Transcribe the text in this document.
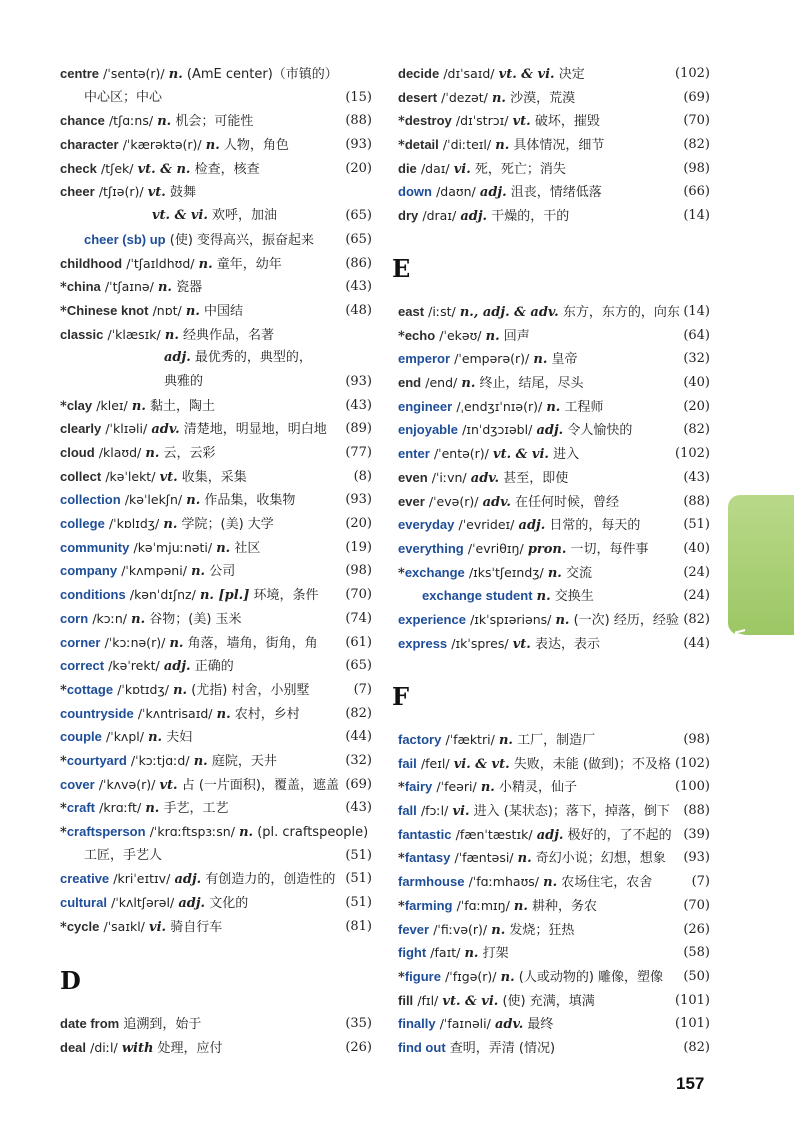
centre /ˈsentə(r)/ n. (AmE center)（市镇的）
中心区；中心	(15)
chance /tʃɑːns/ n. 机会；可能性	(88)
character /ˈkærəktə(r)/ n. 人物，角色	(93)
check /tʃek/ vt. & n. 检查，核查	(20)
cheer /tʃɪə(r)/ vt. 鼓舞
vt. & vi. 欢呼，加油	(65)
cheer (sb) up (使) 变得高兴，振奋起来 (65)
childhood /ˈtʃaɪldhʊd/ n. 童年，幼年	(86)
*china /ˈtʃaɪnə/ n. 瓷器	(43)
*Chinese knot /nɒt/ n. 中国结	(48)
classic /ˈklæsɪk/ n. 经典作品，名著
adj. 最优秀的，典型的，
典雅的	(93)
*clay /kleɪ/ n. 黏土，陶土	(43)
clearly /ˈklɪəli/ adv. 清楚地，明显地，明白地 (89)
cloud /klaʊd/ n. 云，云彩	(77)
collect /kəˈlekt/ vt. 收集，采集	(8)
collection /kəˈlekʃn/ n. 作品集，收集物	(93)
college /ˈkɒlɪdʒ/ n. 学院；(美) 大学	(20)
community /kəˈmjuːnəti/ n. 社区	(19)
company /ˈkʌmpəni/ n. 公司	(98)
conditions /kənˈdɪʃnz/ n. [pl.] 环境，条件 (70)
corn /kɔːn/ n. 谷物；(美) 玉米	(74)
corner /ˈkɔːnə(r)/ n. 角落，墙角，街角，角 (61)
correct /kəˈrekt/ adj. 正确的	(65)
*cottage /ˈkɒtɪdʒ/ n. (尤指) 村舍，小别墅	(7)
countryside /ˈkʌntrisaɪd/ n. 农村，乡村	(82)
couple /ˈkʌpl/ n. 夫妇	(44)
*courtyard /ˈkɔːtjɑːd/ n. 庭院，天井	(32)
cover /ˈkʌvə(r)/ vt. 占 (一片面积)，覆盖，遮盖 (69)
*craft /krɑːft/ n. 手艺，工艺	(43)
*craftsperson /ˈkrɑːftspɜːsn/ n. (pl. craftspeople)
工匠，手艺人	(51)
creative /kriˈeɪtɪv/ adj. 有创造力的，创造性的 (51)
cultural /ˈkʌltʃərəl/ adj. 文化的	(51)
*cycle /ˈsaɪkl/ vi. 骑自行车	(81)
D
date from 追溯到，始于	(35)
deal /diːl/ with 处理，应付	(26)
decide /dɪˈsaɪd/ vt. & vi. 决定	(102)
desert /ˈdezət/ n. 沙漠，荒漠	(69)
*destroy /dɪˈstrɔɪ/ vt. 破坏，摧毁	(70)
*detail /ˈdiːteɪl/ n. 具体情况，细节	(82)
die /daɪ/ vi. 死，死亡；消失	(98)
down /daʊn/ adj. 沮丧，情绪低落	(66)
dry /draɪ/ adj. 干燥的，干的	(14)
E
east /iːst/ n., adj. & adv. 东方，东方的，向东 (14)
*echo /ˈekəʊ/ n. 回声	(64)
emperor /ˈempərə(r)/ n. 皇帝	(32)
end /end/ n. 终止，结尾，尽头	(40)
engineer /ˌendʒɪˈnɪə(r)/ n. 工程师	(20)
enjoyable /ɪnˈdʒɔɪəbl/ adj. 令人愉快的	(82)
enter /ˈentə(r)/ vt. & vi. 进入	(102)
even /ˈiːvn/ adv. 甚至，即使	(43)
ever /ˈevə(r)/ adv. 在任何时候，曾经	(88)
everyday /ˈevrideɪ/ adj. 日常的，每天的	(51)
everything /ˈevriθɪŋ/ pron. 一切，每件事	(40)
*exchange /ɪksˈtʃeɪndʒ/ n. 交流	(24)
exchange student n. 交换生	(24)
experience /ɪkˈspɪəriəns/ n. (一次) 经历，经验 (82)
express /ɪkˈspres/ vt. 表达，表示	(44)
F
factory /ˈfæktri/ n. 工厂，制造厂	(98)
fail /feɪl/ vi. & vt. 失败，未能 (做到)；不及格 (102)
*fairy /ˈfeəri/ n. 小精灵，仙子	(100)
fall /fɔːl/ vi. 进入 (某状态)；落下，掉落，倒下 (88)
fantastic /fænˈtæstɪk/ adj. 极好的，了不起的 (39)
*fantasy /ˈfæntəsi/ n. 奇幻小说；幻想，想象 (93)
farmhouse /ˈfɑːmhaʊs/ n. 农场住宅，农舍	(7)
*farming /ˈfɑːmɪŋ/ n. 耕种，务农	(70)
fever /ˈfiːvə(r)/ n. 发烧；狂热	(26)
fight /faɪt/ n. 打架	(58)
*figure /ˈfɪgə(r)/ n. (人或动物的) 雕像，塑像 (50)
fill /fɪl/ vt. & vi. (使) 充满，填满	(101)
finally /ˈfaɪnəli/ adv. 最终	(101)
find out 查明，弄清 (情况)	(82)
Wordlist
157
